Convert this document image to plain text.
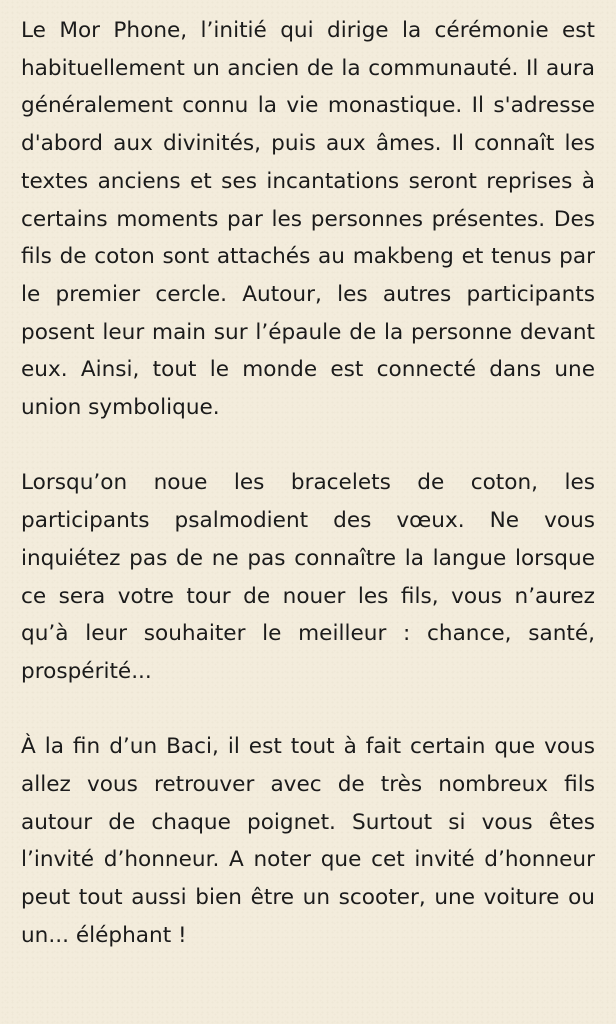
Le Mor Phone, l’initié qui dirige la cérémonie est habituellement un ancien de la communauté. Il aura généralement connu la vie monastique. Il s'adresse d'abord aux divinités, puis aux âmes. Il connaît les textes anciens et ses incantations seront reprises à certains moments par les personnes présentes. Des fils de coton sont attachés au makbeng et tenus par le premier cercle. Autour, les autres participants posent leur main sur l’épaule de la personne devant eux. Ainsi, tout le monde est connecté dans une union symbolique.

Lorsqu’on noue les bracelets de coton, les participants psalmodient des vœux. Ne vous inquiétez pas de ne pas connaître la langue lorsque ce sera votre tour de nouer les fils, vous n’aurez qu’à leur souhaiter le meilleur : chance, santé, prospérité...

À la fin d’un Baci, il est tout à fait certain que vous allez vous retrouver avec de très nombreux fils autour de chaque poignet. Surtout si vous êtes l’invité d’honneur. A noter que cet invité d’honneur peut tout aussi bien être un scooter, une voiture ou un... éléphant !
